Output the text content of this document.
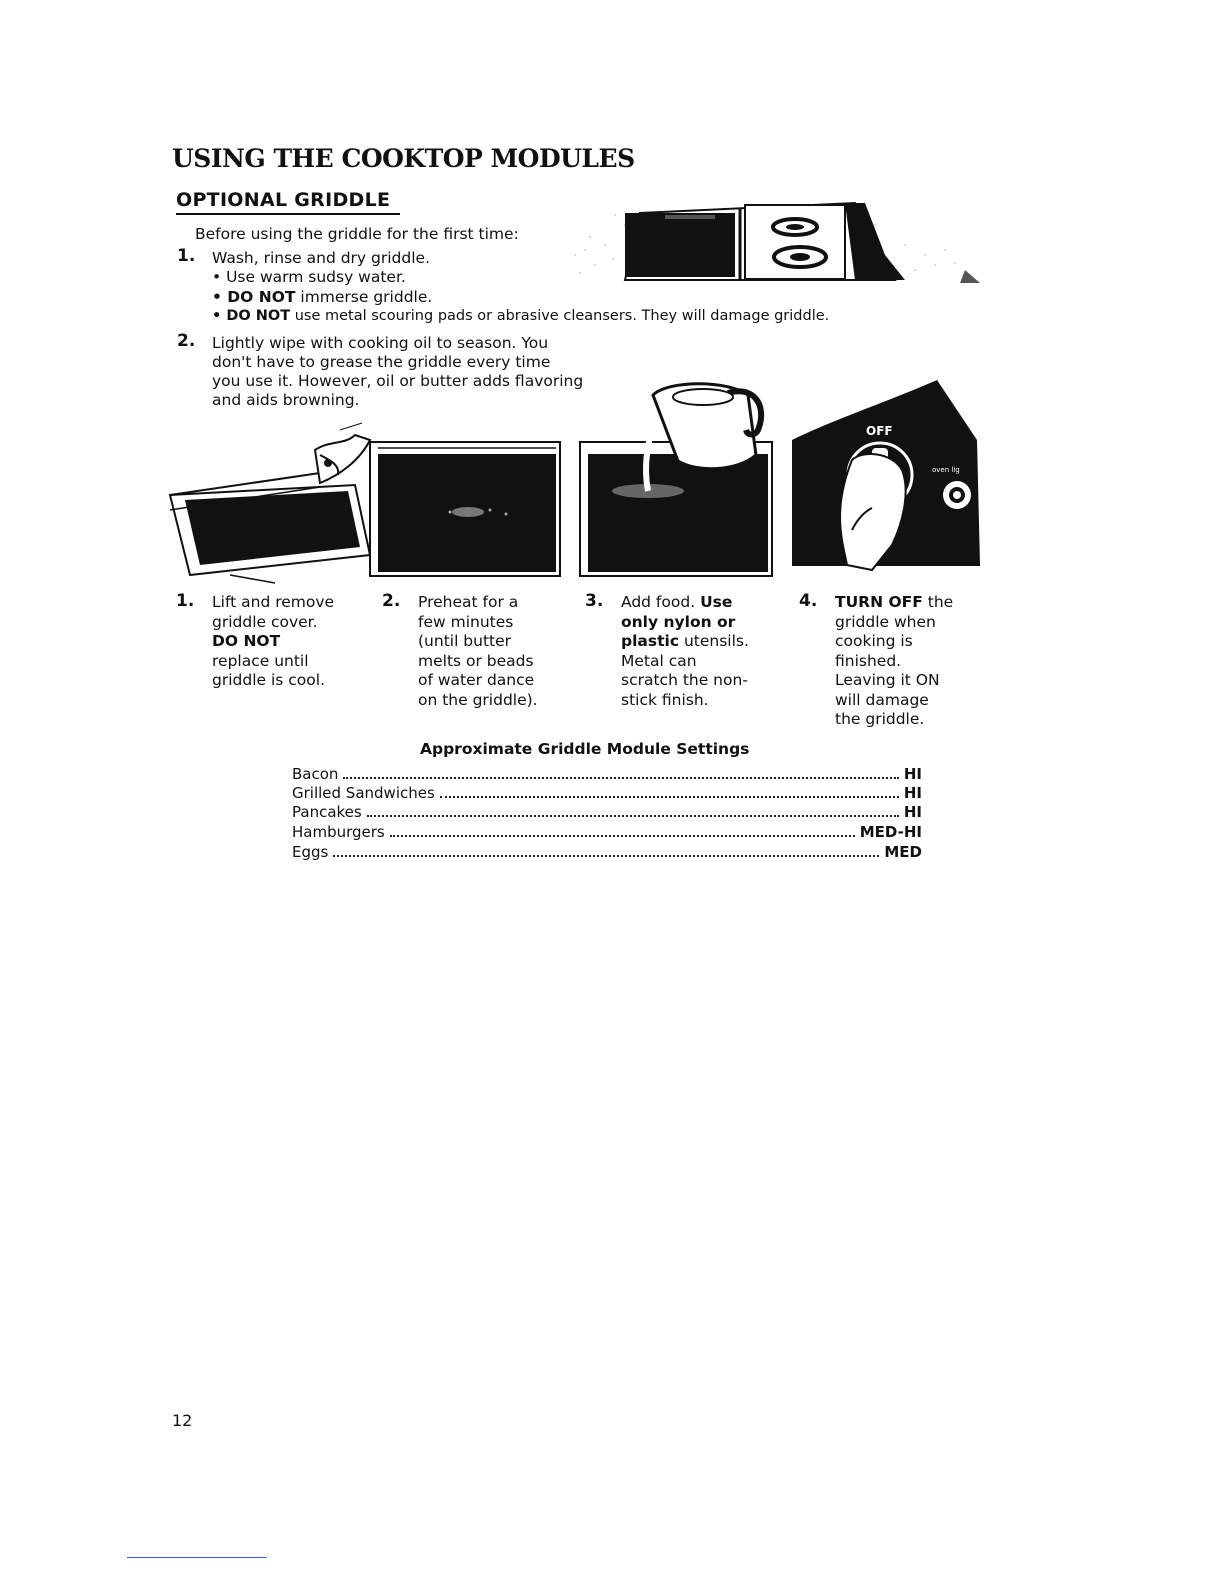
USING THE COOKTOP MODULES
OPTIONAL GRIDDLE
Before using the griddle for the first time:
1. Wash, rinse and dry griddle.
• Use warm sudsy water.
• DO NOT immerse griddle.
• DO NOT use metal scouring pads or abrasive cleansers. They will damage griddle.
2. Lightly wipe with cooking oil to season. You
don't have to grease the griddle every time
you use it. However, oil or butter adds flavoring
and aids browning.
OFF
oven lig
1. Lift and remove
griddle cover.
DO NOT
replace until
griddle is cool.
2. Preheat for a
few minutes
(until butter
melts or beads
of water dance
on the griddle).
3. Add food. Use
only nylon or
plastic utensils.
Metal can
scratch the non-
stick finish.
4. TURN OFF the
griddle when
cooking is
finished.
Leaving it ON
will damage
the griddle.
Approximate Griddle Module Settings
Bacon	HI
Grilled Sandwiches	HI
Pancakes	HI
Hamburgers	MED-HI
Eggs	MED
12
